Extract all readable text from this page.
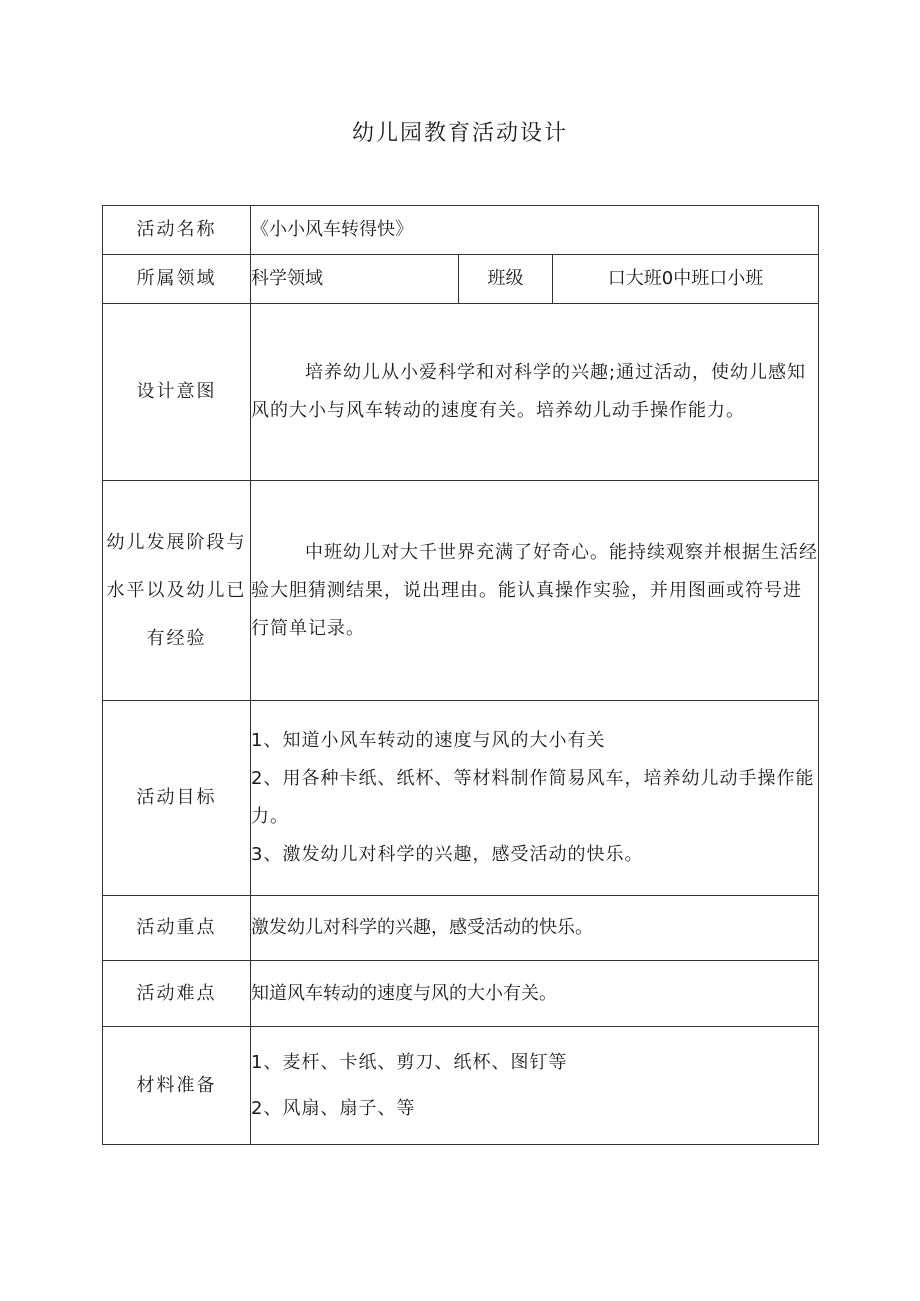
幼儿园教育活动设计
活动名称	《小小风车转得快》		
所属领域	科学领域	班级	口大班0中班口小班
设计意图	培养幼儿从小爱科学和对科学的兴趣;通过活动，使幼儿感知风的大小与风车转动的速度有关。培养幼儿动手操作能力。		

幼儿发展阶段与水平以及幼儿已有经验	中班幼儿对大千世界充满了好奇心。能持续观察并根据生活经验大胆猜测结果，说出理由。能认真操作实验，并用图画或符号进行简单记录。		

活动目标	1、知道小风车转动的速度与风的大小有关
2、用各种卡纸、纸杯、等材料制作简易风车，培养幼儿动手操作能力。
3、激发幼儿对科学的兴趣，感受活动的快乐。		

活动重点	激发幼儿对科学的兴趣，感受活动的快乐。		
活动难点	知道风车转动的速度与风的大小有关。		
材料准备	1、麦杆、卡纸、剪刀、纸杯、图钉等
2、风扇、扇子、等		
